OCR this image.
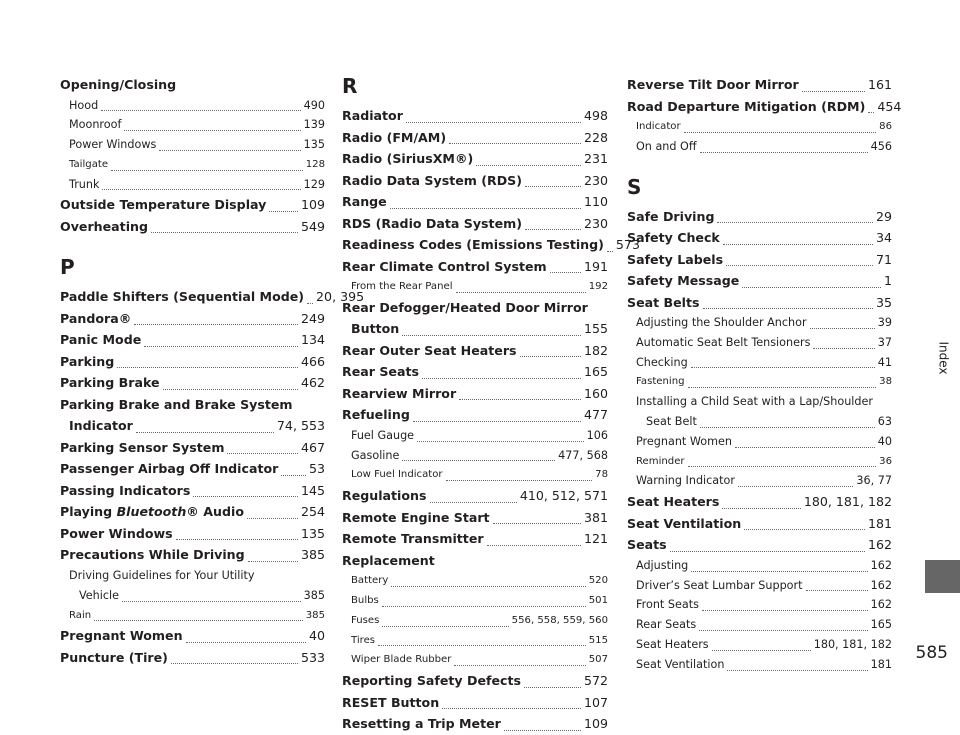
Opening/Closing
Hood	490
Moonroof	139
Power Windows	135
Tailgate	128
Trunk	129
Outside Temperature Display	109
Overheating	549
P
Paddle Shifters (Sequential Mode) 20, 395
Pandora®	249
Panic Mode	134
Parking	466
Parking Brake	462
Parking Brake and Brake System
Indicator	74, 553
Parking Sensor System	467
Passenger Airbag Off Indicator 53
Passing Indicators	145
Playing Bluetooth® Audio	254
Power Windows	135
Precautions While Driving	385
Driving Guidelines for Your Utility
Vehicle	385
Rain	385
Pregnant Women	40
Puncture (Tire)	533
R
Radiator	498
Radio (FM/AM)	228
Radio (SiriusXM®)	231
Radio Data System (RDS)	230
Range	110
RDS (Radio Data System)	230
Readiness Codes (Emissions Testing) 573
Rear Climate Control System	191
From the Rear Panel	192
Rear Defogger/Heated Door Mirror
Button	155
Rear Outer Seat Heaters	182
Rear Seats	165
Rearview Mirror	160
Refueling	477
Fuel Gauge	106
Gasoline	477, 568
Low Fuel Indicator	78
Regulations	410, 512, 571
Remote Engine Start	381
Remote Transmitter	121
Replacement
Battery	520
Bulbs	501
Fuses	556, 558, 559, 560
Tires	515
Wiper Blade Rubber	507
Reporting Safety Defects	572
RESET Button	107
Resetting a Trip Meter	109
Reverse Tilt Door Mirror	161
Road Departure Mitigation (RDM) 454
Indicator	86
On and Off	456
S
Safe Driving	29
Safety Check	34
Safety Labels	71
Safety Message	1
Seat Belts	35
Adjusting the Shoulder Anchor	39
Automatic Seat Belt Tensioners	37
Checking	41
Fastening	38
Installing a Child Seat with a Lap/Shoulder
Seat Belt	63
Pregnant Women	40
Reminder	36
Warning Indicator	36, 77
Seat Heaters	180, 181, 182
Seat Ventilation	181
Seats	162
Adjusting	162
Driver’s Seat Lumbar Support	162
Front Seats	162
Rear Seats	165
Seat Heaters	180, 181, 182
Seat Ventilation	181
Index
585
